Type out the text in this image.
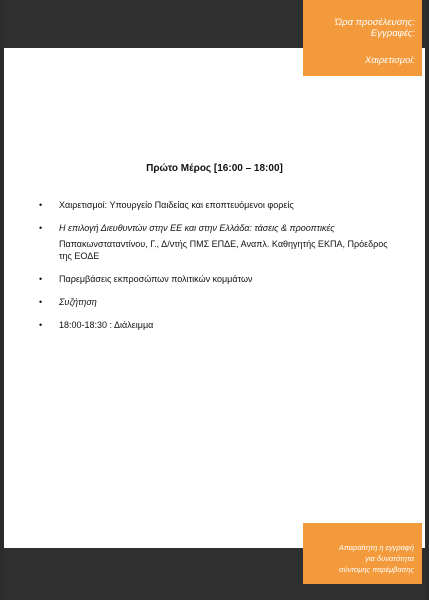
Ώρα προσέλευσης:
Εγγραφές:
Χαιρετισμοί:
Πρώτο Μέρος [16:00 – 18:00]
• Χαιρετισμοί: Υπουργείο Παιδείας και εποπτευόμενοι φορείς
• Η επιλογή Διευθυντών στην ΕΕ και στην Ελλάδα: τάσεις & προοπτικές
Παπακωνσταταντίνου, Γ., Δ/ντής ΠΜΣ ΕΠΔΕ, Αναπλ. Καθηγητής ΕΚΠΑ, Πρόεδρος της ΕΟΔΕ
• Παρεμβάσεις εκπροσώπων πολιτικών κομμάτων
• Συζήτηση
• 18:00-18:30 : Διάλειμμα
Απαραίτητη η εγγραφή
για δυνατότητα
σύντομης παρέμβασης
